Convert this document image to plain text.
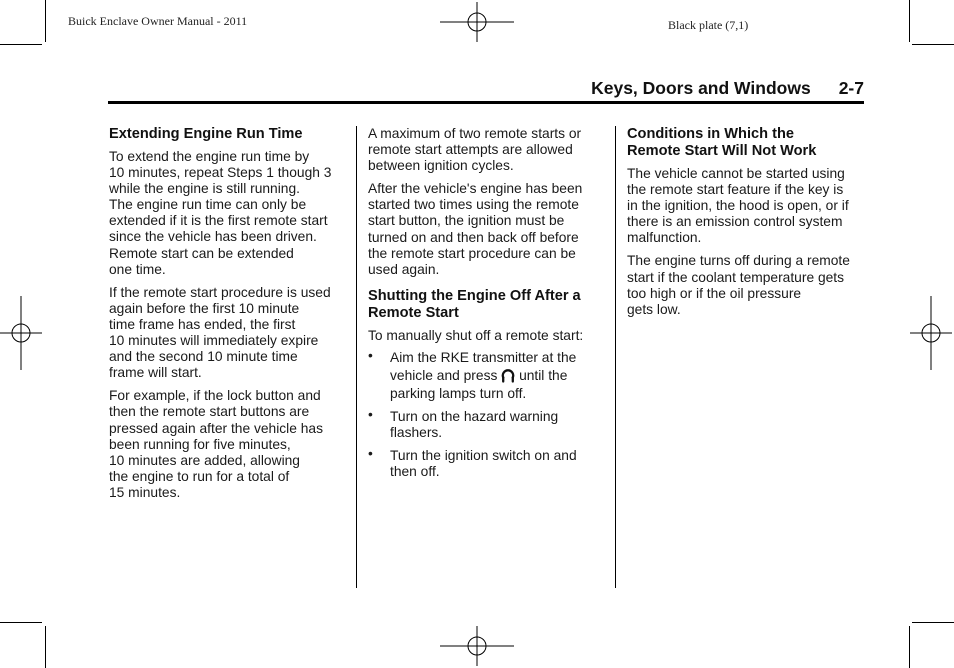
Buick Enclave Owner Manual - 2011	Black plate (7,1)
Keys, Doors and Windows 2-7
Extending Engine Run Time
To extend the engine run time by
10 minutes, repeat Steps 1 though 3
while the engine is still running.
The engine run time can only be
extended if it is the first remote start
since the vehicle has been driven.
Remote start can be extended
one time.
If the remote start procedure is used
again before the first 10 minute
time frame has ended, the first
10 minutes will immediately expire
and the second 10 minute time
frame will start.
For example, if the lock button and
then the remote start buttons are
pressed again after the vehicle has
been running for five minutes,
10 minutes are added, allowing
the engine to run for a total of
15 minutes.
A maximum of two remote starts or
remote start attempts are allowed
between ignition cycles.
After the vehicle's engine has been
started two times using the remote
start button, the ignition must be
turned on and then back off before
the remote start procedure can be
used again.
Shutting the Engine Off After a
Remote Start
To manually shut off a remote start:
• Aim the RKE transmitter at the
vehicle and press until the
parking lamps turn off.
• Turn on the hazard warning
flashers.
• Turn the ignition switch on and
then off.
Conditions in Which the
Remote Start Will Not Work
The vehicle cannot be started using
the remote start feature if the key is
in the ignition, the hood is open, or if
there is an emission control system
malfunction.
The engine turns off during a remote
start if the coolant temperature gets
too high or if the oil pressure
gets low.
